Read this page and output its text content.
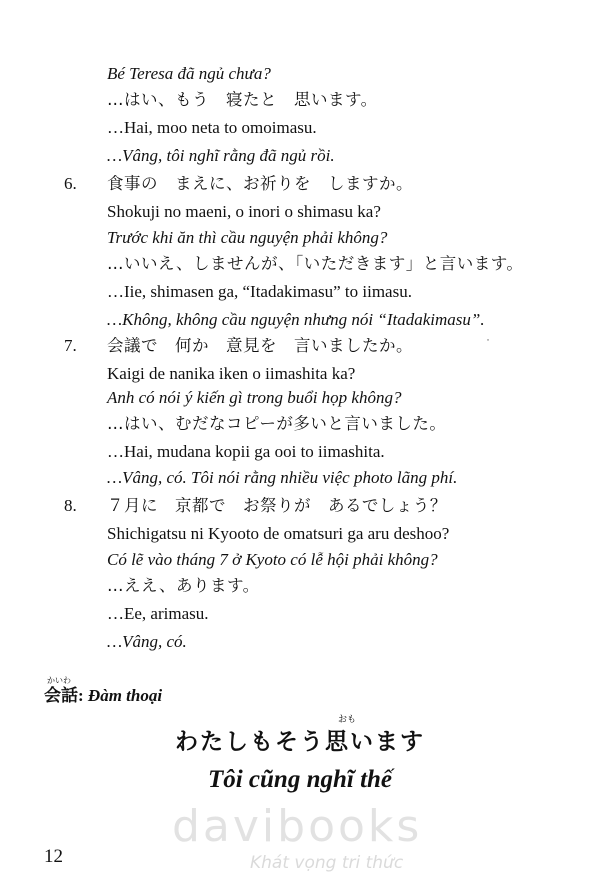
Bé Teresa đã ngủ chưa?
…はい、もう　寝たと　思います。
…Hai, moo neta to omoimasu.
…Vâng, tôi nghĩ rằng đã ngủ rồi.
6. 食事の　まえに、お祈りを　しますか。
Shokuji no maeni, o inori o shimasu ka?
Trước khi ăn thì cầu nguyện phải không?
…いいえ、しませんが、「いただきます」と言います。
…Iie, shimasen ga, “Itadakimasu” to iimasu.
…Không, không cầu nguyện nhưng nói “Itadakimasu”.
7. 会議で　何か　意見を　言いましたか。	˙
Kaigi de nanika iken o iimashita ka?
Anh có nói ý kiến gì trong buổi họp không?
…はい、むだなコピーが多いと言いました。
…Hai, mudana kopii ga ooi to iimashita.
…Vâng, có. Tôi nói rằng nhiều việc photo lãng phí.
8. ７月に　京都で　お祭りが　あるでしょう？
Shichigatsu ni Kyooto de omatsuri ga aru deshoo?
Có lẽ vào tháng 7 ở Kyoto có lễ hội phải không?
…ええ、あります。
…Ee, arimasu.
…Vâng, có.
かいわ
会話: Đàm thoại
おも
わたしもそう思います
Tôi cũng nghĩ thế
davibooks
Khát vọng tri thức
12
